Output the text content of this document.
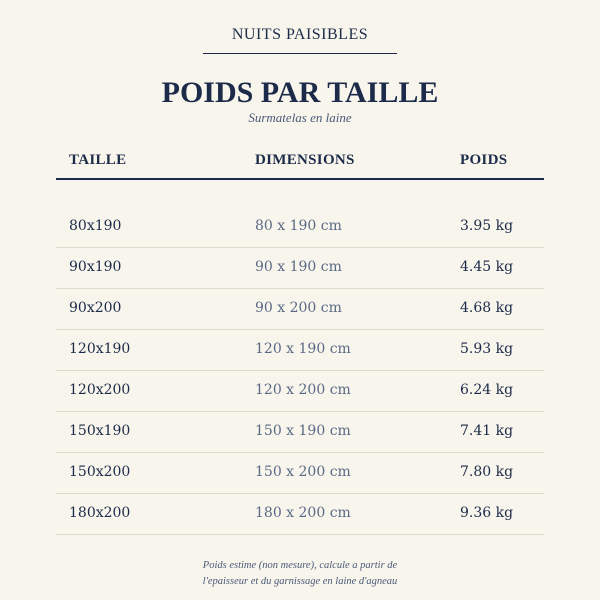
NUITS PAISIBLES
POIDS PAR TAILLE
Surmatelas en laine
TAILLE	DIMENSIONS	POIDS
80x190	80 x 190 cm	3.95 kg
90x190	90 x 190 cm	4.45 kg
90x200	90 x 200 cm	4.68 kg
120x190	120 x 190 cm	5.93 kg
120x200	120 x 200 cm	6.24 kg
150x190	150 x 190 cm	7.41 kg
150x200	150 x 200 cm	7.80 kg
180x200	180 x 200 cm	9.36 kg
Poids estime (non mesure), calcule a partir de
l'epaisseur et du garnissage en laine d'agneau
